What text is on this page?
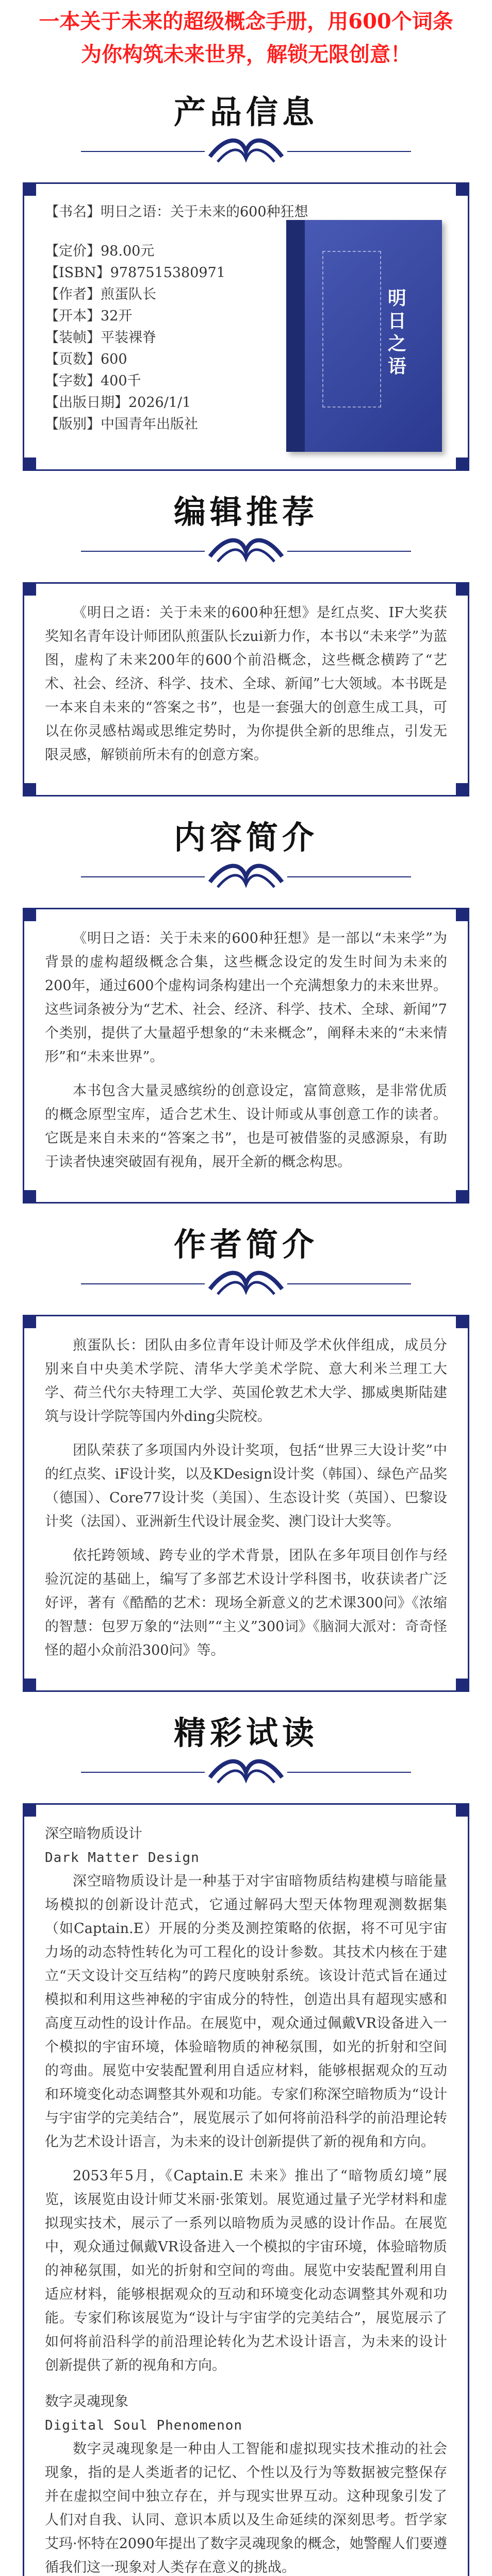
一本关于未来的超级概念手册，用600个词条
为你构筑未来世界，解锁无限创意！
产品信息
【书名】明日之语：关于未来的600种狂想
【定价】98.00元
【ISBN】9787515380971
【作者】煎蛋队长
【开本】32开
【装帧】平装裸脊
【页数】600
【字数】400千
【出版日期】2026/1/1
【版别】中国青年出版社
明日之语
编辑推荐

《明日之语：关于未来的600种狂想》是红点奖、IF大奖获奖知名青年设计师团队煎蛋队长zui新力作，本书以“未来学”为蓝图，虚构了未来200年的600个前沿概念，这些概念横跨了“艺术、社会、经济、科学、技术、全球、新闻”七大领域。本书既是一本来自未来的“答案之书”，也是一套强大的创意生成工具，可以在你灵感枯竭或思维定势时，为你提供全新的思维点，引发无限灵感，解锁前所未有的创意方案。

内容简介

《明日之语：关于未来的600种狂想》是一部以“未来学”为背景的虚构超级概念合集，这些概念设定的发生时间为未来的200年，通过600个虚构词条构建出一个充满想象力的未来世界。这些词条被分为“艺术、社会、经济、科学、技术、全球、新闻”7个类别，提供了大量超乎想象的“未来概念”，阐释未来的“未来情形”和“未来世界”。

本书包含大量灵感缤纷的创意设定，富简意赅，是非常优质的概念原型宝库，适合艺术生、设计师或从事创意工作的读者。它既是来自未来的“答案之书”，也是可被借鉴的灵感源泉，有助于读者快速突破固有视角，展开全新的概念构思。

作者简介

煎蛋队长：团队由多位青年设计师及学术伙伴组成，成员分别来自中央美术学院、清华大学美术学院、意大利米兰理工大学、荷兰代尔夫特理工大学、英国伦敦艺术大学、挪威奥斯陆建筑与设计学院等国内外ding尖院校。

团队荣获了多项国内外设计奖项，包括“世界三大设计奖”中的红点奖、iF设计奖，以及KDesign设计奖（韩国）、绿色产品奖（德国）、Core77设计奖（美国）、生态设计奖（英国）、巴黎设计奖（法国）、亚洲新生代设计展金奖、澳门设计大奖等。

依托跨领域、跨专业的学术背景，团队在多年项目创作与经验沉淀的基础上，编写了多部艺术设计学科图书，收获读者广泛好评，著有《酷酷的艺术：现场全新意义的艺术课300问》《浓缩的智慧：包罗万象的“法则”“主义”300词》《脑洞大派对：奇奇怪怪的超小众前沿300问》等。

精彩试读

深空暗物质设计

Dark Matter Design

深空暗物质设计是一种基于对宇宙暗物质结构建模与暗能量场模拟的创新设计范式，它通过解码大型天体物理观测数据集（如Captain.E）开展的分类及测控策略的依据，将不可见宇宙力场的动态特性转化为可工程化的设计参数。其技术内核在于建立“天文设计交互结构”的跨尺度映射系统。该设计范式旨在通过模拟和利用这些神秘的宇宙成分的特性，创造出具有超现实感和高度互动性的设计作品。在展览中，观众通过佩戴VR设备进入一个模拟的宇宙环境，体验暗物质的神秘氛围，如光的折射和空间的弯曲。展览中安装配置利用自适应材料，能够根据观众的互动和环境变化动态调整其外观和功能。专家们称深空暗物质为“设计与宇宙学的完美结合”，展览展示了如何将前沿科学的前沿理论转化为艺术设计语言，为未来的设计创新提供了新的视角和方向。

2053年5月，《Captain.E 未来》推出了“暗物质幻境”展览，该展览由设计师艾米丽·张策划。展览通过量子光学材料和虚拟现实技术，展示了一系列以暗物质为灵感的设计作品。在展览中，观众通过佩戴VR设备进入一个模拟的宇宙环境，体验暗物质的神秘氛围，如光的折射和空间的弯曲。展览中安装配置利用自适应材料，能够根据观众的互动和环境变化动态调整其外观和功能。专家们称该展览为“设计与宇宙学的完美结合”，展览展示了如何将前沿科学的前沿理论转化为艺术设计语言，为未来的设计创新提供了新的视角和方向。

数字灵魂现象

Digital Soul Phenomenon

数字灵魂现象是一种由人工智能和虚拟现实技术推动的社会现象，指的是人类逝者的记忆、个性以及行为等数据被完整保存并在虚拟空间中独立存在，并与现实世界互动。这种现象引发了人们对自我、认同、意识本质以及生命延续的深刻思考。哲学家艾玛·怀特在2090年提出了数字灵魂现象的概念，她警醒人们要遵循我们这一现象对人类存在意义的挑战。
